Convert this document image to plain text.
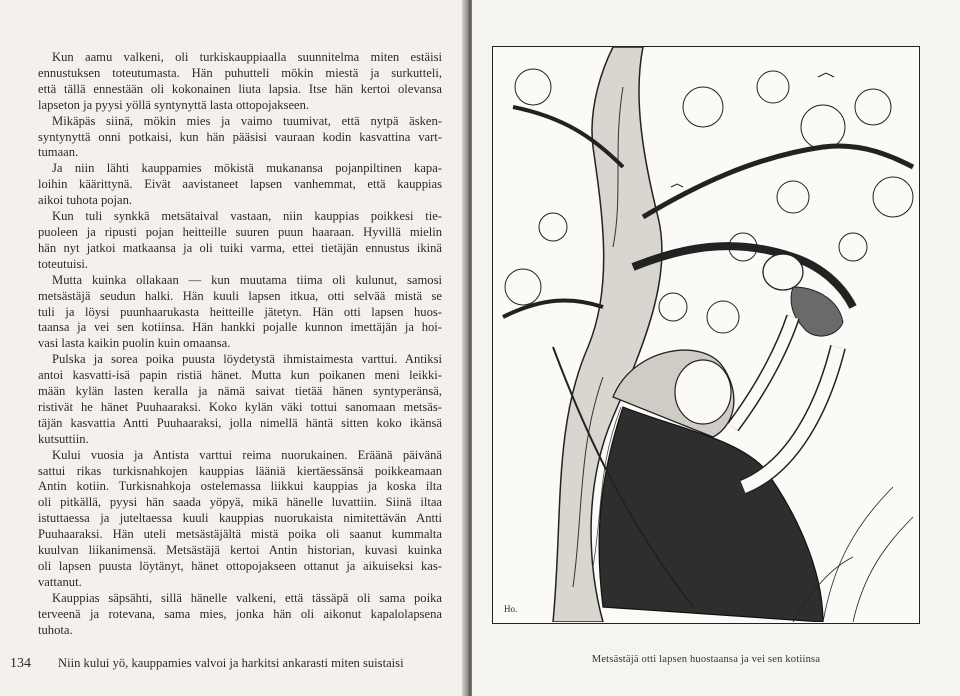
Kun aamu valkeni, oli turkiskauppiaalla suunnitelma miten estäisi
ennustuksen toteutumasta. Hän puhutteli mökin miestä ja surkutteli,
että tällä ennestään oli kokonainen liuta lapsia. Itse hän kertoi olevansa
lapseton ja pyysi yöllä syntynyttä lasta ottopojakseen.
Mikäpäs siinä, mökin mies ja vaimo tuumivat, että nytpä äsken-
syntynyttä onni potkaisi, kun hän pääsisi vauraan kodin kasvattina vart-
tumaan.
Ja niin lähti kauppamies mökistä mukanansa pojanpiltinen kapa-
loihin käärittynä. Eivät aavistaneet lapsen vanhemmat, että kauppias
aikoi tuhota pojan.
Kun tuli synkkä metsätaival vastaan, niin kauppias poikkesi tie-
puoleen ja ripusti pojan heitteille suuren puun haaraan. Hyvillä mielin
hän nyt jatkoi matkaansa ja oli tuiki varma, ettei tietäjän ennustus ikinä
toteutuisi.
Mutta kuinka ollakaan — kun muutama tiima oli kulunut, samosi
metsästäjä seudun halki. Hän kuuli lapsen itkua, otti selvää mistä se
tuli ja löysi puunhaarukasta heitteille jätetyn. Hän otti lapsen huos-
taansa ja vei sen kotiinsa. Hän hankki pojalle kunnon imettäjän ja hoi-
vasi lasta kaikin puolin kuin omaansa.
Pulska ja sorea poika puusta löydetystä ihmistaimesta varttui. Antiksi
antoi kasvatti-isä papin ristiä hänet. Mutta kun poikanen meni leikki-
mään kylän lasten keralla ja nämä saivat tietää hänen syntyperänsä,
ristivät he hänet Puuhaaraksi. Koko kylän väki tottui sanomaan metsäs-
täjän kasvattia Antti Puuhaaraksi, jolla nimellä häntä sitten koko ikänsä
kutsuttiin.
Kului vuosia ja Antista varttui reima nuorukainen. Eräänä päivänä
sattui rikas turkisnahkojen kauppias lääniä kiertäessänsä poikkeamaan
Antin kotiin. Turkisnahkoja ostelemassa liikkui kauppias ja koska ilta
oli pitkällä, pyysi hän saada yöpyä, mikä hänelle luvattiin. Siinä iltaa
istuttaessa ja juteltaessa kuuli kauppias nuorukaista nimitettävän Antti
Puuhaaraksi. Hän uteli metsästäjältä mistä poika oli saanut kummalta
kuulvan liikanimensä. Metsästäjä kertoi Antin historian, kuvasi kuinka
oli lapsen puusta löytänyt, hänet ottopojakseen ottanut ja aikuiseksi kas-
vattanut.
Kauppias säpsähti, sillä hänelle valkeni, että tässäpä oli sama poika
terveenä ja rotevana, sama mies, jonka hän oli aikonut kapalolapsena
tuhota.
134 Niin kului yö, kauppamies valvoi ja harkitsi ankarasti miten suistaisi
Ho.
Metsästäjä otti lapsen huostaansa ja vei sen kotiinsa
